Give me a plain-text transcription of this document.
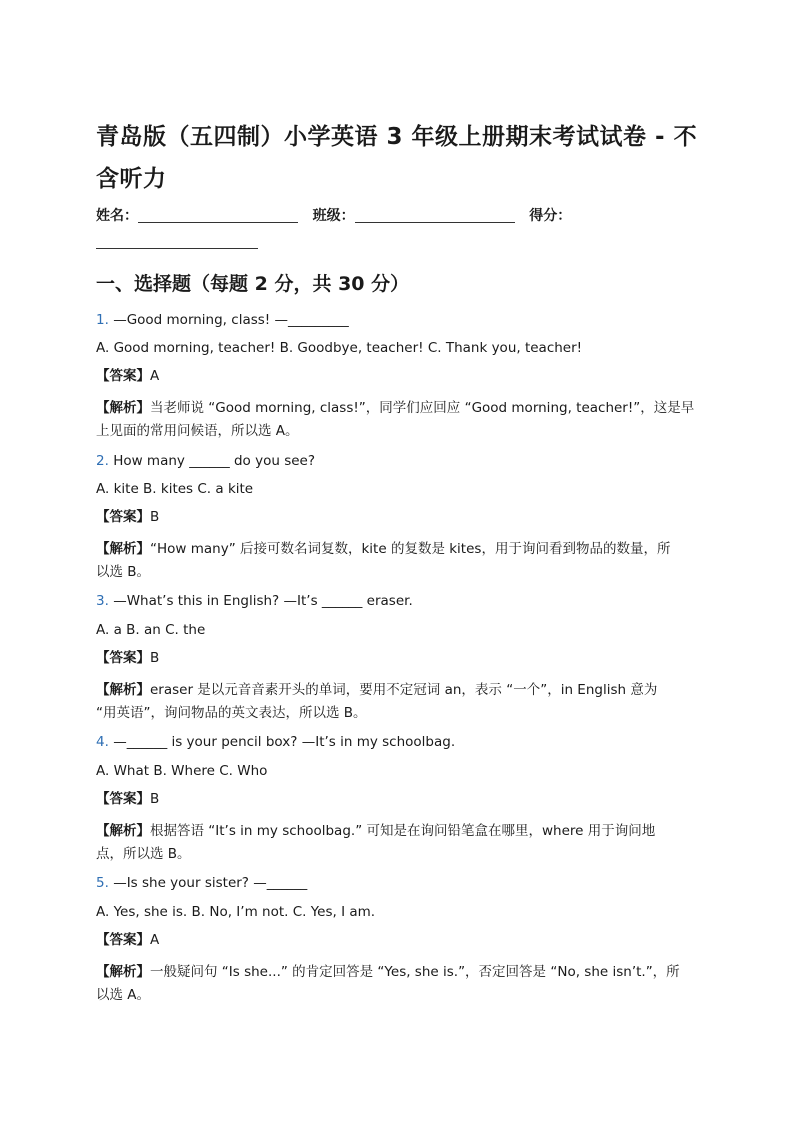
青岛版（五四制）小学英语 3 年级上册期末考试试卷 - 不含听力
姓名：	班级：	得分：

一、选择题（每题 2 分，共 30 分）
1. —Good morning, class! —_________
A. Good morning, teacher! B. Goodbye, teacher! C. Thank you, teacher!
【答案】A
【解析】当老师说 “Good morning, class!”，同学们应回应 “Good morning, teacher!”，这是早
上见面的常用问候语，所以选 A。
2. How many ______ do you see?
A. kite B. kites C. a kite
【答案】B
【解析】“How many” 后接可数名词复数，kite 的复数是 kites，用于询问看到物品的数量，所
以选 B。
3. —What’s this in English? —It’s ______ eraser.
A. a B. an C. the
【答案】B
【解析】eraser 是以元音音素开头的单词，要用不定冠词 an，表示 “一个”，in English 意为
“用英语”，询问物品的英文表达，所以选 B。
4. —______ is your pencil box? —It’s in my schoolbag.
A. What B. Where C. Who
【答案】B
【解析】根据答语 “It’s in my schoolbag.” 可知是在询问铅笔盒在哪里，where 用于询问地
点，所以选 B。
5. —Is she your sister? —______
A. Yes, she is. B. No, I’m not. C. Yes, I am.
【答案】A
【解析】一般疑问句 “Is she...” 的肯定回答是 “Yes, she is.”，否定回答是 “No, she isn’t.”，所
以选 A。
